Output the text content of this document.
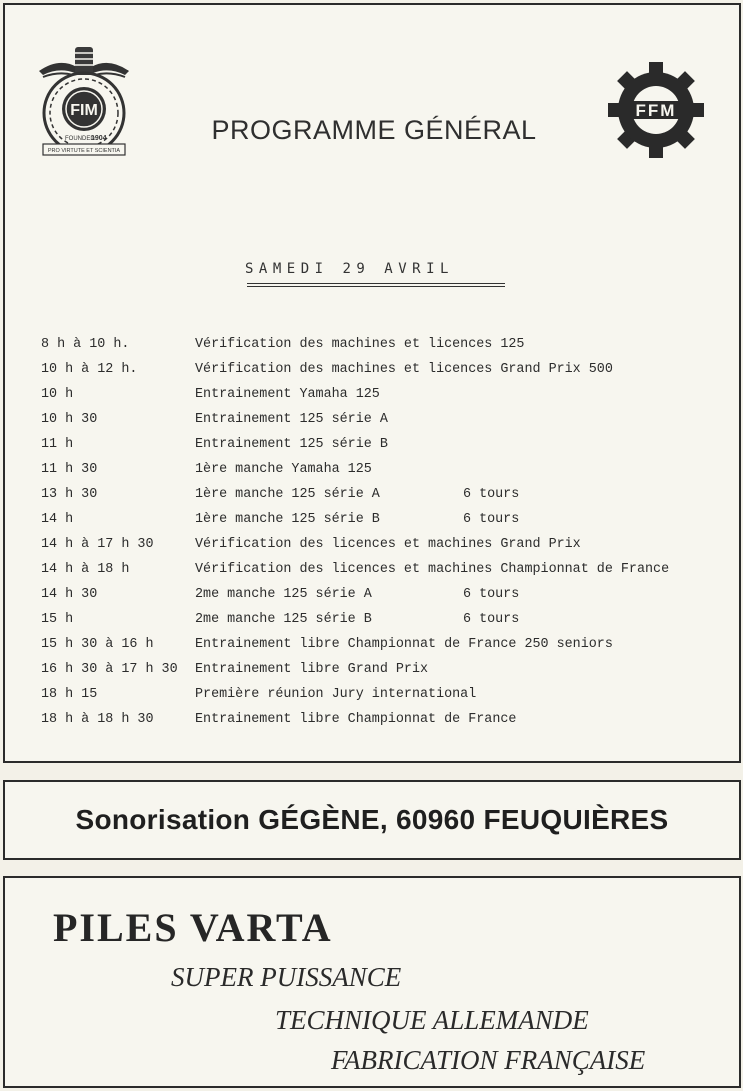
FIM
FOUNDED
1904
PRO VIRTUTE ET SCIENTIA
FFM
PROGRAMME GÉNÉRAL
SAMEDI 29 AVRIL
8 h à 10 h.	Vérification des machines et licences 125
10 h à 12 h.	Vérification des machines et licences Grand Prix 500
10 h	Entrainement Yamaha 125
10 h 30	Entrainement 125 série A
11 h	Entrainement 125 série B
11 h 30	1ère manche Yamaha 125
13 h 30	1ère manche 125 série A	6 tours
14 h	1ère manche 125 série B	6 tours
14 h à 17 h 30	Vérification des licences et machines Grand Prix
14 h à 18 h	Vérification des licences et machines Championnat de France
14 h 30	2me manche 125 série A	6 tours
15 h	2me manche 125 série B	6 tours
15 h 30 à 16 h	Entrainement libre Championnat de France 250 seniors
16 h 30 à 17 h 30 Entrainement libre Grand Prix
18 h 15	Première réunion Jury international
18 h à 18 h 30	Entrainement libre Championnat de France
Sonorisation GÉGÈNE, 60960 FEUQUIÈRES
PILES VARTA
SUPER PUISSANCE
TECHNIQUE ALLEMANDE
FABRICATION FRANÇAISE
